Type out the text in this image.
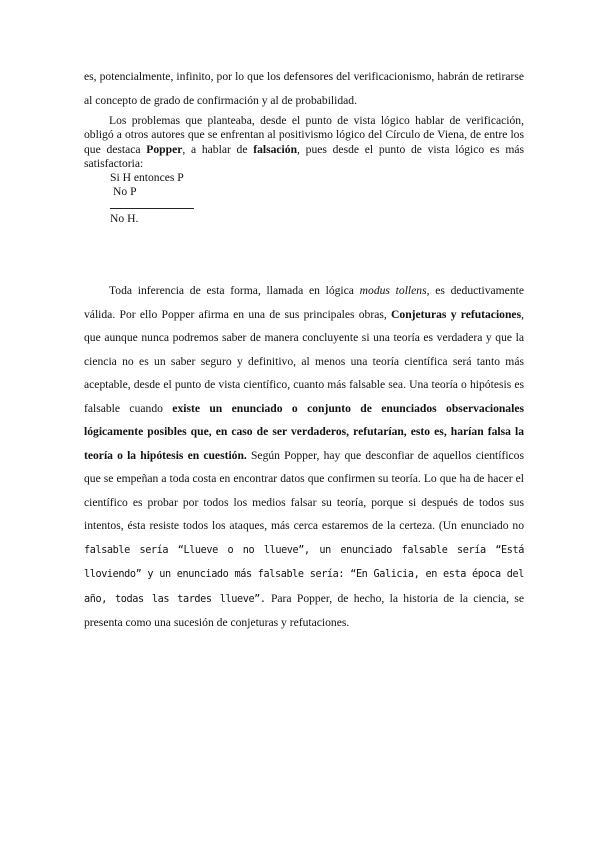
es, potencialmente, infinito, por lo que los defensores del verificacionismo, habrán de retirarse al concepto de grado de confirmación y al de probabilidad.

Los problemas que planteaba, desde el punto de vista lógico hablar de verificación, obligó a otros autores que se enfrentan al positivismo lógico del Círculo de Viena, de entre los que destaca Popper, a hablar de falsación, pues desde el punto de vista lógico es más satisfactoria:

Si H entonces P
No P
No H.

Toda inferencia de esta forma, llamada en lógica modus tollens, es deductivamente válida. Por ello Popper afirma en una de sus principales obras, Conjeturas y refutaciones, que aunque nunca podremos saber de manera concluyente si una teoría es verdadera y que la ciencia no es un saber seguro y definitivo, al menos una teoría científica será tanto más aceptable, desde el punto de vista científico, cuanto más falsable sea. Una teoría o hipótesis es falsable cuando existe un enunciado o conjunto de enunciados observacionales lógicamente posibles que, en caso de ser verdaderos, refutarían, esto es, harían falsa la teoría o la hipótesis en cuestión. Según Popper, hay que desconfiar de aquellos científicos que se empeñan a toda costa en encontrar datos que confirmen su teoría. Lo que ha de hacer el científico es probar por todos los medios falsar su teoría, porque si después de todos sus intentos, ésta resiste todos los ataques, más cerca estaremos de la certeza. (Un enunciado no falsable sería “Llueve o no llueve”, un enunciado falsable sería “Está lloviendo” y un enunciado más falsable sería: “En Galicia, en esta época del año, todas las tardes llueve”. Para Popper, de hecho, la historia de la ciencia, se presenta como una sucesión de conjeturas y refutaciones.
